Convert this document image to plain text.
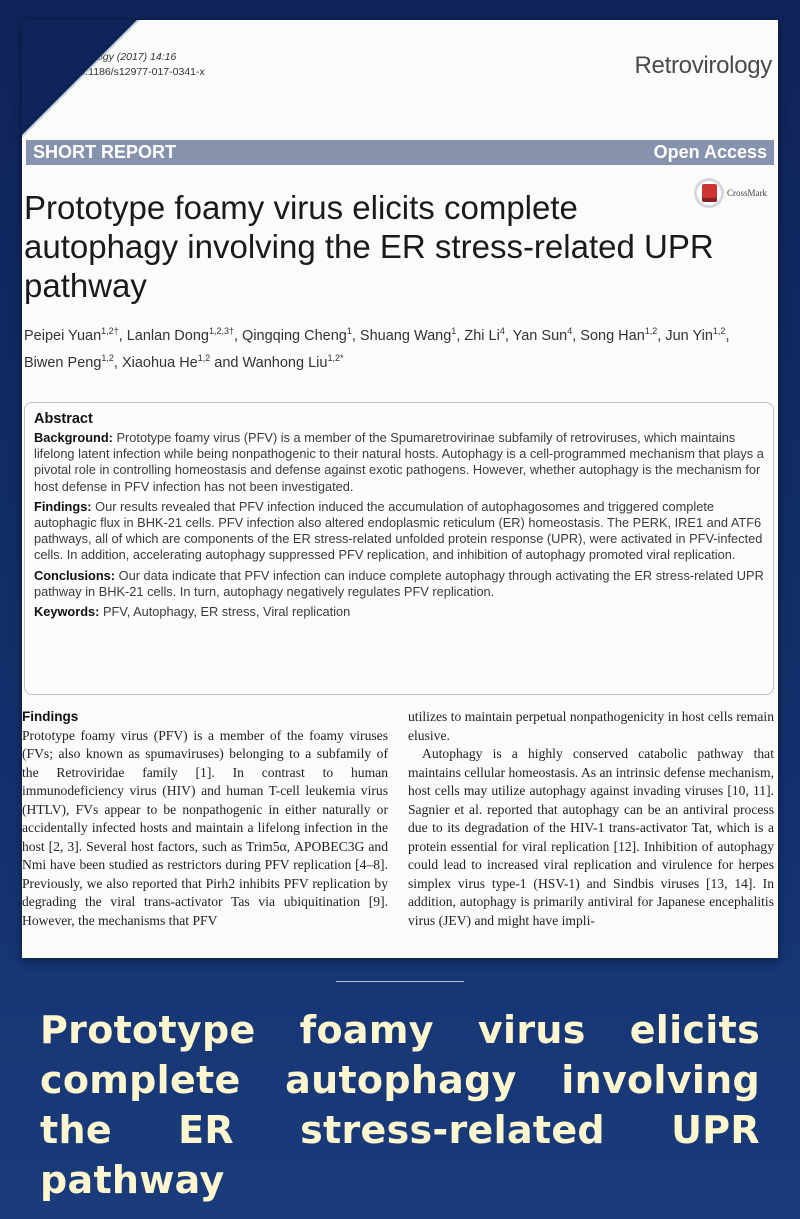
Retrovirology (2017) 14:16
DOI 10.1186/s12977-017-0341-x	Retrovirology
SHORT REPORT	Open Access
CrossMark
Prototype foamy virus elicits complete autophagy involving the ER stress-related UPR pathway
Peipei Yuan$^{1,2\dagger}$, Lanlan Dong$^{1,2,3\dagger}$, Qingqing Cheng$^1$, Shuang Wang$^1$, Zhi Li$^4$, Yan Sun$^4$, Song Han$^{1,2}$, Jun Yin$^{1,2}$,
Biwen Peng$^{1,2}$, Xiaohua He$^{1,2}$ and Wanhong Liu$^{1,2*}$
Abstract

Background: Prototype foamy virus (PFV) is a member of the Spumaretrovirinae subfamily of retroviruses, which maintains lifelong latent infection while being nonpathogenic to their natural hosts. Autophagy is a cell-programmed mechanism that plays a pivotal role in controlling homeostasis and defense against exotic pathogens. However, whether autophagy is the mechanism for host defense in PFV infection has not been investigated.

Findings: Our results revealed that PFV infection induced the accumulation of autophagosomes and triggered complete autophagic flux in BHK-21 cells. PFV infection also altered endoplasmic reticulum (ER) homeostasis. The PERK, IRE1 and ATF6 pathways, all of which are components of the ER stress-related unfolded protein response (UPR), were activated in PFV-infected cells. In addition, accelerating autophagy suppressed PFV replication, and inhibition of autophagy promoted viral replication.

Conclusions: Our data indicate that PFV infection can induce complete autophagy through activating the ER stress-related UPR pathway in BHK-21 cells. In turn, autophagy negatively regulates PFV replication.

Keywords: PFV, Autophagy, ER stress, Viral replication

Findings

Prototype foamy virus (PFV) is a member of the foamy viruses (FVs; also known as spumaviruses) belonging to a subfamily of the Retroviridae family [1]. In contrast to human immunodeficiency virus (HIV) and human T-cell leukemia virus (HTLV), FVs appear to be nonpathogenic in either naturally or accidentally infected hosts and maintain a lifelong infection in the host [2, 3]. Several host factors, such as Trim5α, APOBEC3G and Nmi have been studied as restrictors during PFV replication [4–8]. Previously, we also reported that Pirh2 inhibits PFV replication by degrading the viral trans-activator Tas via ubiquitination [9]. However, the mechanisms that PFV

utilizes to maintain perpetual nonpathogenicity in host cells remain elusive.

Autophagy is a highly conserved catabolic pathway that maintains cellular homeostasis. As an intrinsic defense mechanism, host cells may utilize autophagy against invading viruses [10, 11]. Sagnier et al. reported that autophagy can be an antiviral process due to its degradation of the HIV-1 trans-activator Tat, which is a protein essential for viral replication [12]. Inhibition of autophagy could lead to increased viral replication and virulence for herpes simplex virus type-1 (HSV-1) and Sindbis viruses [13, 14]. In addition, autophagy is primarily antiviral for Japanese encephalitis virus (JEV) and might have impli-

Prototype foamy virus elicits complete autophagy involving the ER stress-related UPR pathway
